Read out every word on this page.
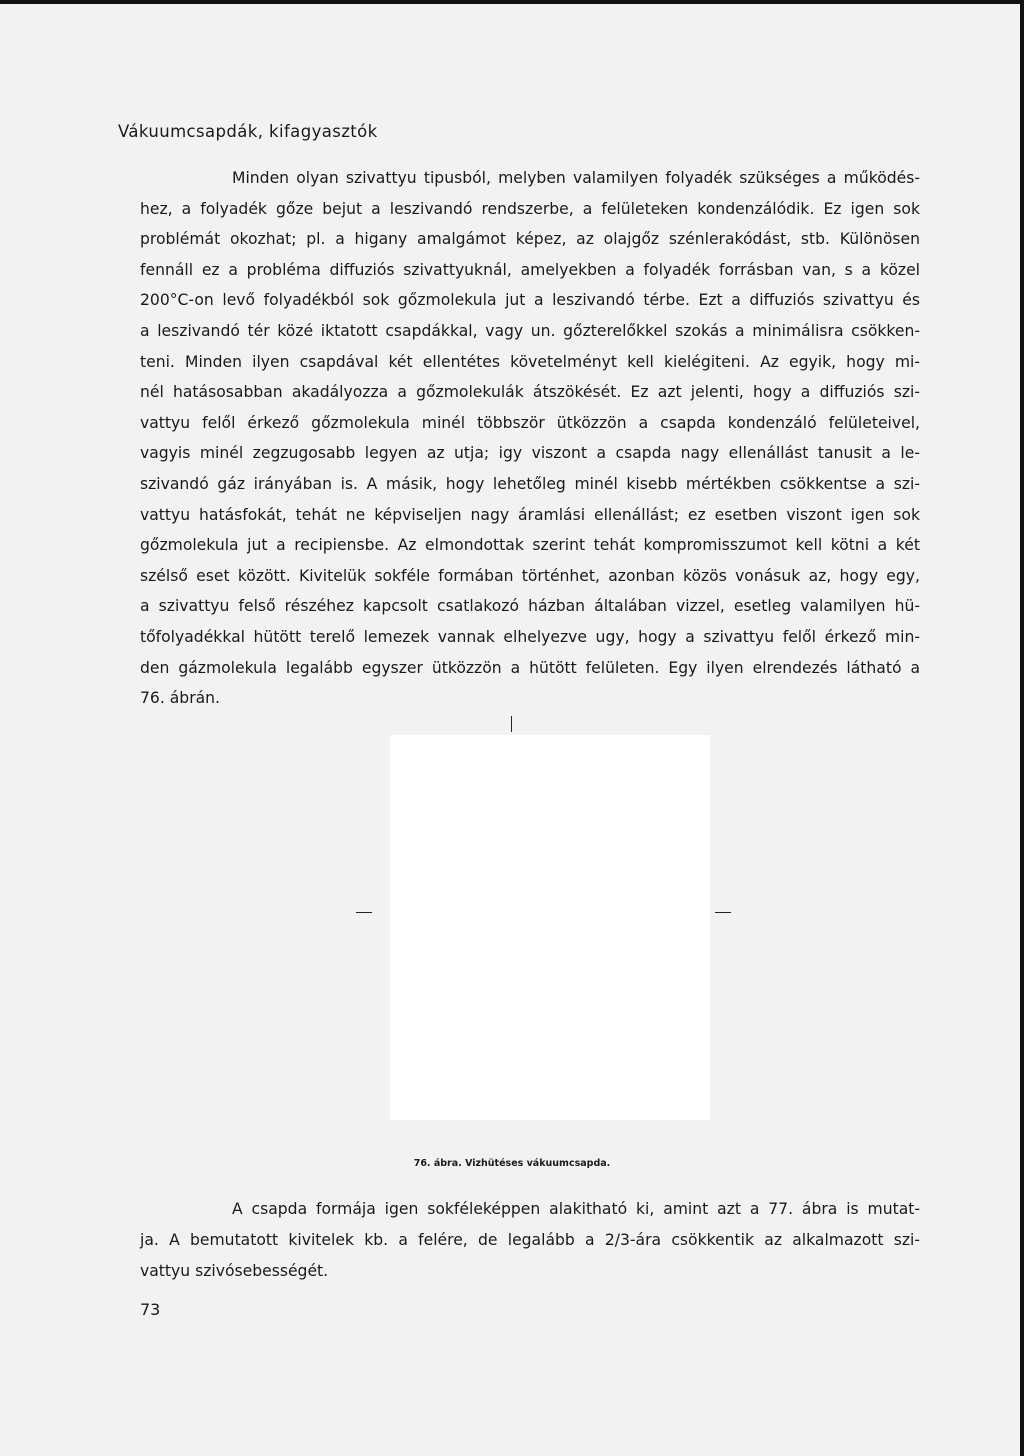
Vákuumcsapdák, kifagyasztók
Minden olyan szivattyu tipusból, melyben valamilyen folyadék szükséges a működés-
hez, a folyadék gőze bejut a leszivandó rendszerbe, a felületeken kondenzálódik. Ez igen sok
problémát okozhat; pl. a higany amalgámot képez, az olajgőz szénlerakódást, stb. Különösen
fennáll ez a probléma diffuziós szivattyuknál, amelyekben a folyadék forrásban van, s a közel
200°C-on levő folyadékból sok gőzmolekula jut a leszivandó térbe. Ezt a diffuziós szivattyu és
a leszivandó tér közé iktatott csapdákkal, vagy un. gőzterelőkkel szokás a minimálisra csökken-
teni. Minden ilyen csapdával két ellentétes követelményt kell kielégiteni. Az egyik, hogy mi-
nél hatásosabban akadályozza a gőzmolekulák átszökését. Ez azt jelenti, hogy a diffuziós szi-
vattyu felől érkező gőzmolekula minél többször ütközzön a csapda kondenzáló felületeivel,
vagyis minél zegzugosabb legyen az utja; igy viszont a csapda nagy ellenállást tanusit a le-
szivandó gáz irányában is. A másik, hogy lehetőleg minél kisebb mértékben csökkentse a szi-
vattyu hatásfokát, tehát ne képviseljen nagy áramlási ellenállást; ez esetben viszont igen sok
gőzmolekula jut a recipiensbe. Az elmondottak szerint tehát kompromisszumot kell kötni a két
szélső eset között. Kivitelük sokféle formában történhet, azonban közös vonásuk az, hogy egy,
a szivattyu felső részéhez kapcsolt csatlakozó házban általában vizzel, esetleg valamilyen hü-
tőfolyadékkal hütött terelő lemezek vannak elhelyezve ugy, hogy a szivattyu felől érkező min-
den gázmolekula legalább egyszer ütközzön a hütött felületen. Egy ilyen elrendezés látható a
76. ábrán.
76. ábra. Vizhütéses vákuumcsapda.
A csapda formája igen sokféleképpen alakitható ki, amint azt a 77. ábra is mutat-
ja. A bemutatott kivitelek kb. a felére, de legalább a 2/3-ára csökkentik az alkalmazott szi-
vattyu szivósebességét.
73
